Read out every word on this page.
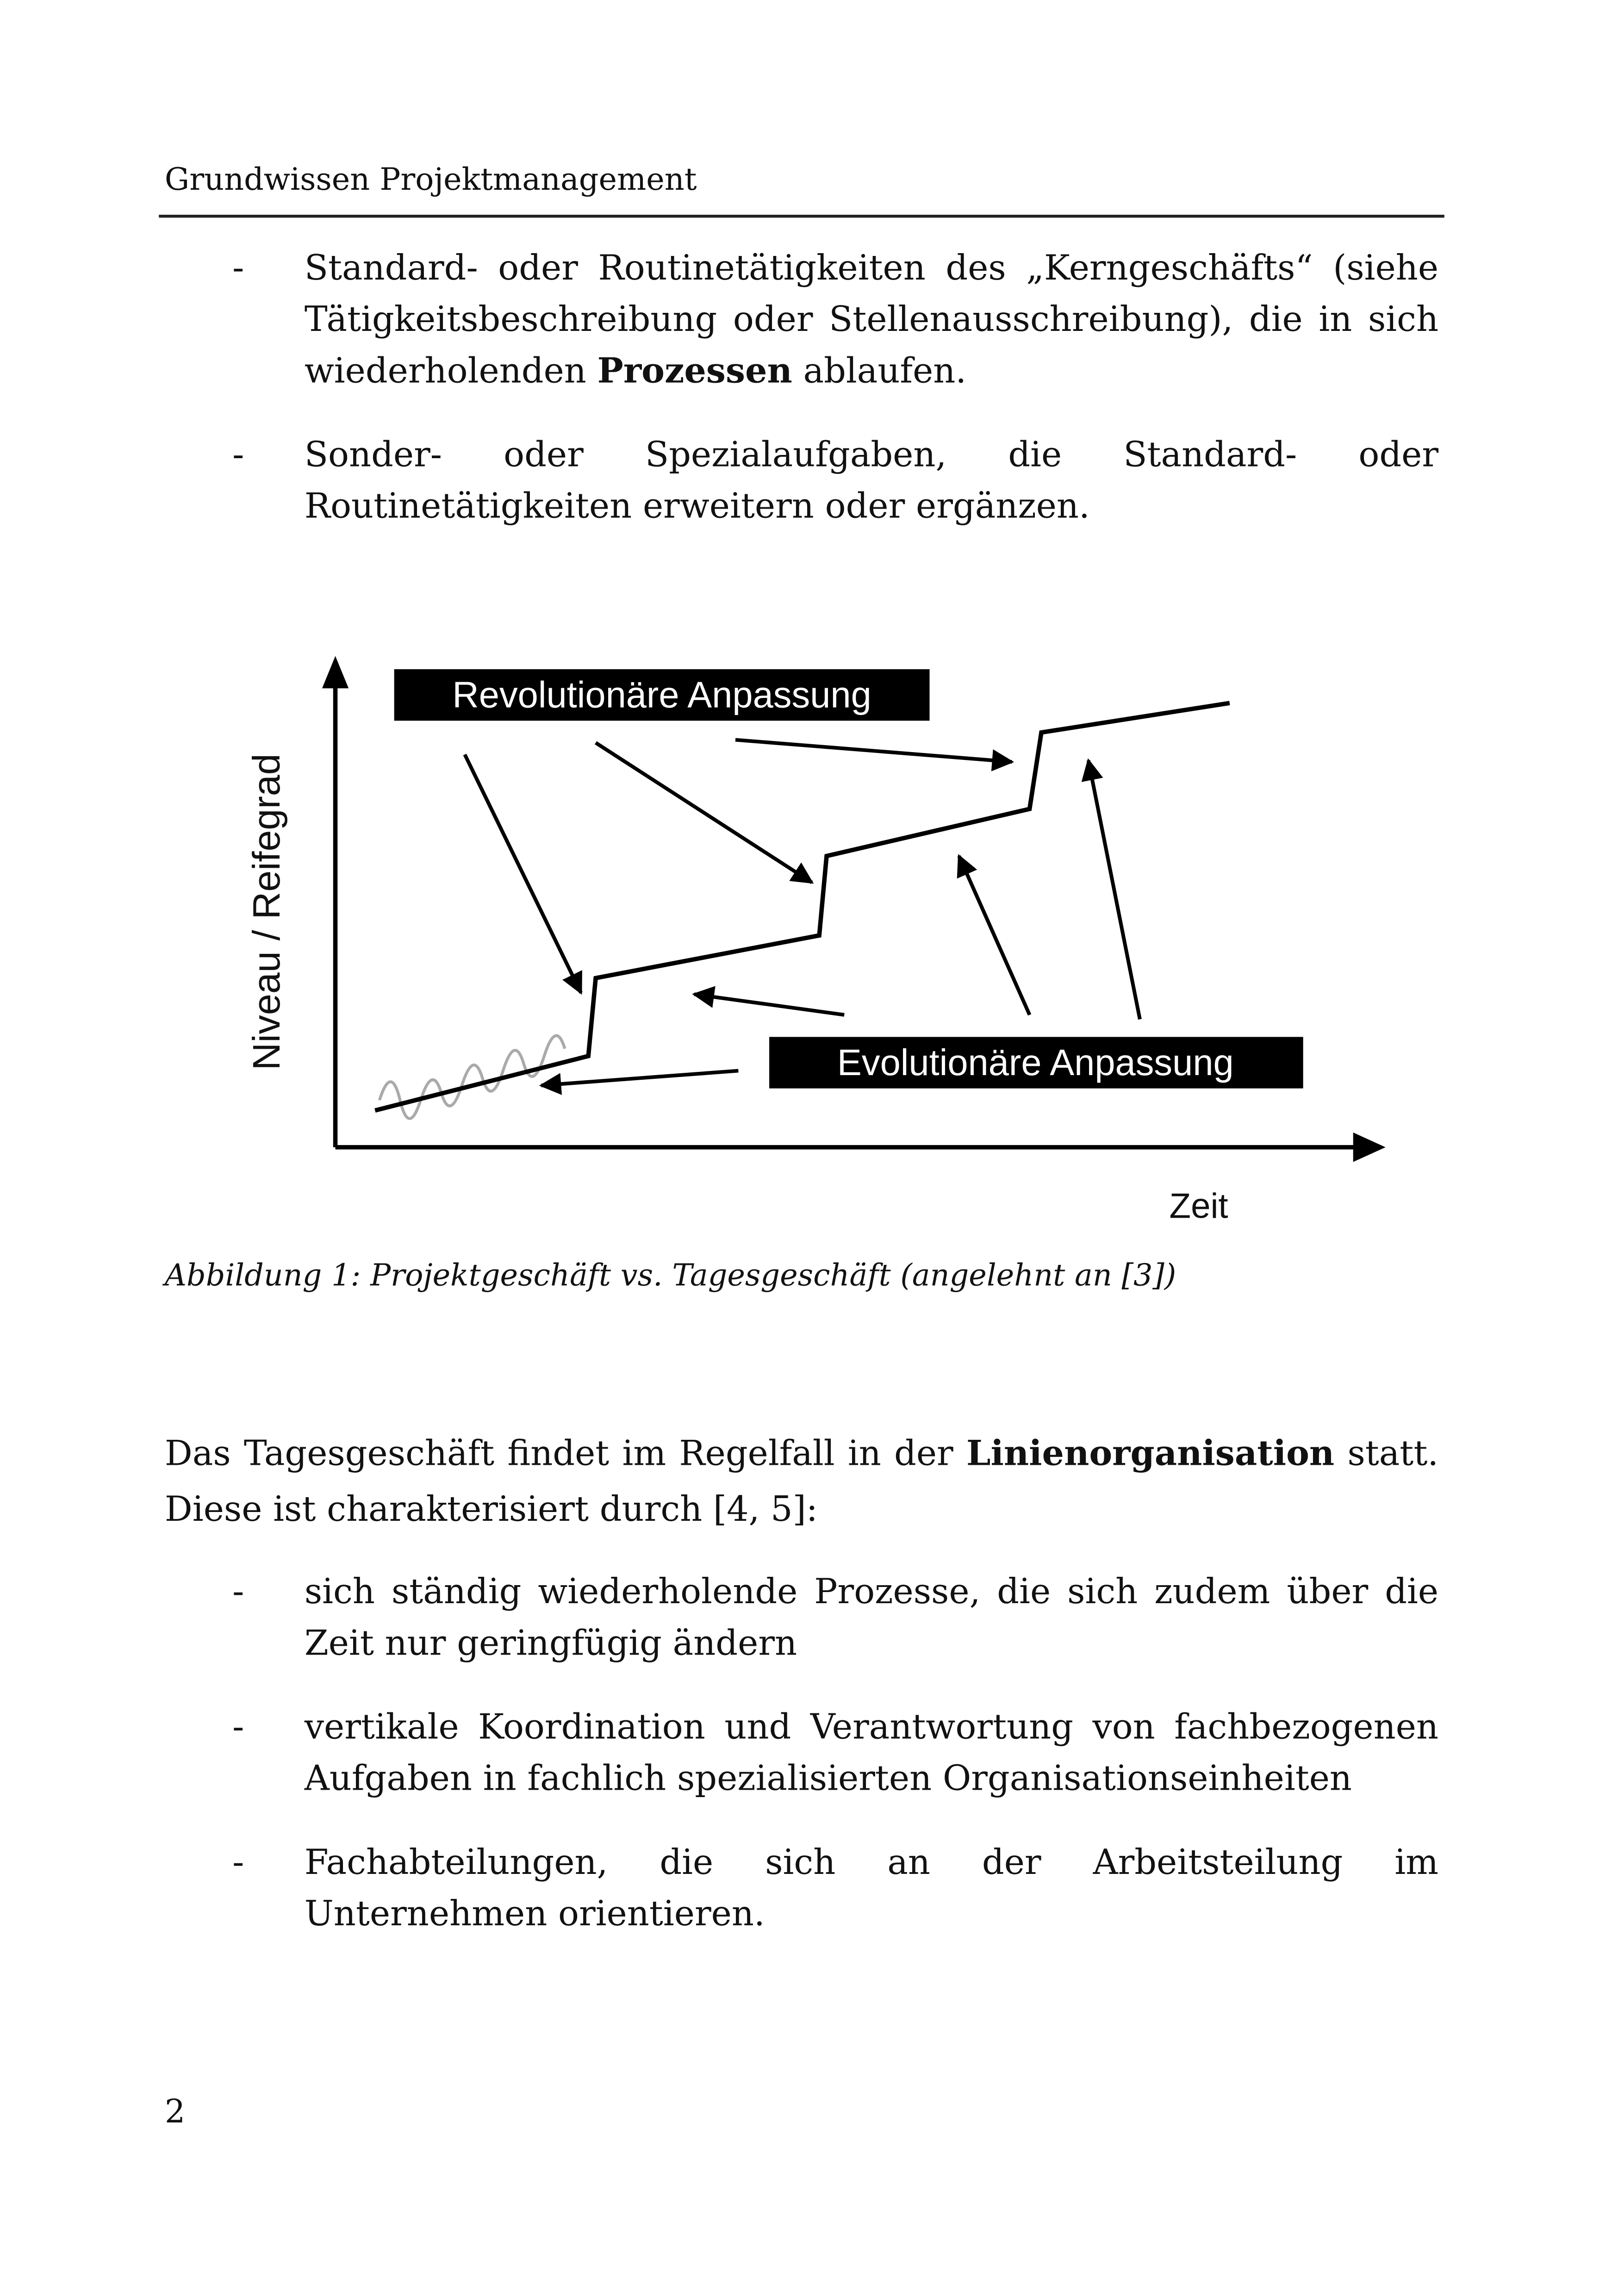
Grundwissen Projektmanagement
-	Standard- oder Routinetätigkeiten des „Kerngeschäfts“ (siehe Tätigkeitsbeschreibung oder Stellenausschreibung), die in sich wiederholenden Prozessen ablaufen.
-	Sonder- oder Spezialaufgaben, die Standard- oder Routinetätigkeiten erweitern oder ergänzen.
Revolutionäre Anpassung
Evolutionäre Anpassung
Niveau / Reifegrad
Zeit
Abbildung 1: Projektgeschäft vs. Tagesgeschäft (angelehnt an [3])
Das Tagesgeschäft findet im Regelfall in der Linienorganisation statt. Diese ist charakterisiert durch [4, 5]:
-	sich ständig wiederholende Prozesse, die sich zudem über die Zeit nur geringfügig ändern
-	vertikale Koordination und Verantwortung von fachbezogenen Aufgaben in fachlich spezialisierten Organisationseinheiten
-	Fachabteilungen, die sich an der Arbeitsteilung im Unternehmen orientieren.
2
